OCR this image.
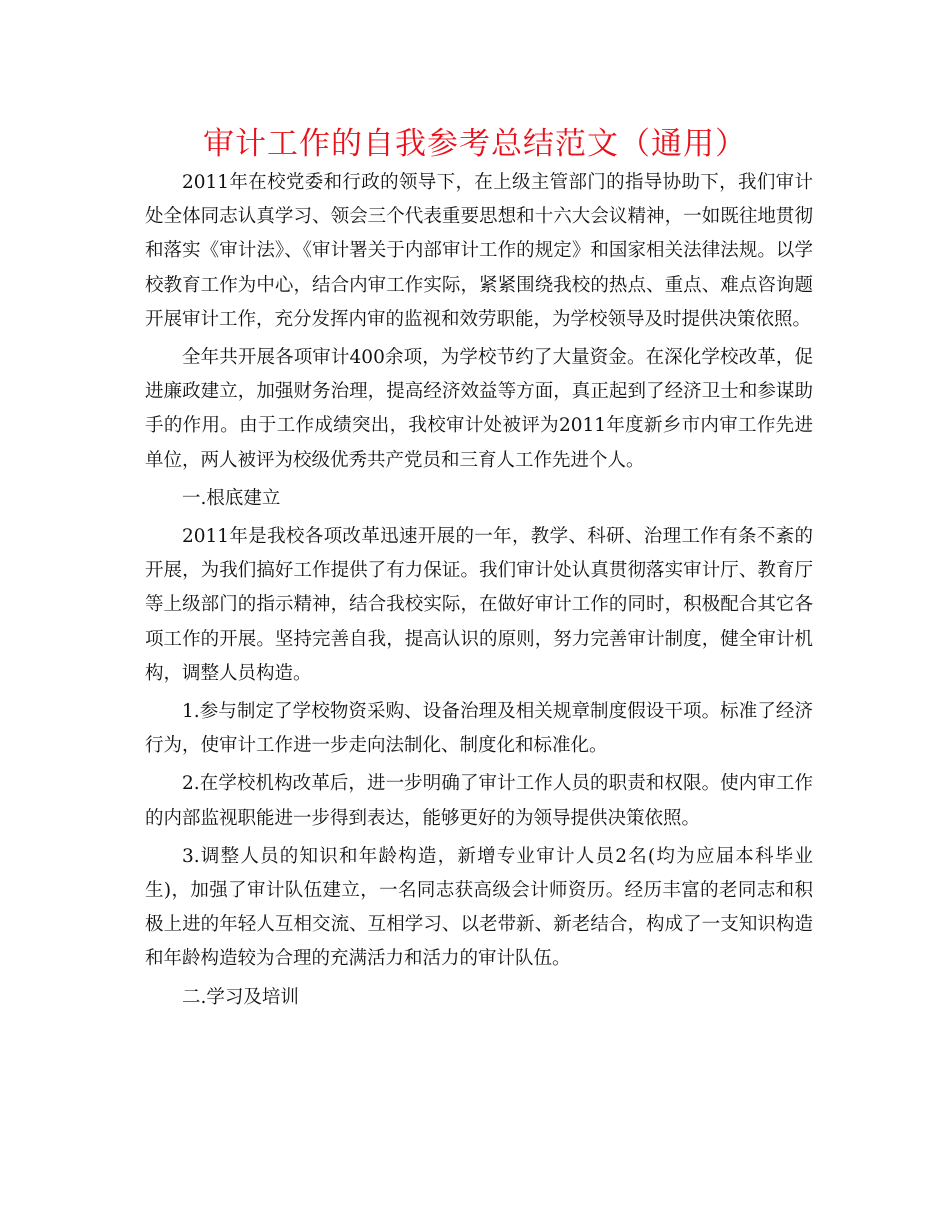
审计工作的自我参考总结范文（通用）

2011年在校党委和行政的领导下，在上级主管部门的指导协助下，我们审计处全体同志认真学习、领会三个代表重要思想和十六大会议精神，一如既往地贯彻和落实《审计法》、《审计署关于内部审计工作的规定》和国家相关法律法规。以学校教育工作为中心，结合内审工作实际，紧紧围绕我校的热点、重点、难点咨询题开展审计工作，充分发挥内审的监视和效劳职能，为学校领导及时提供决策依照。

全年共开展各项审计400余项，为学校节约了大量资金。在深化学校改革，促进廉政建立，加强财务治理，提高经济效益等方面，真正起到了经济卫士和参谋助手的作用。由于工作成绩突出，我校审计处被评为2011年度新乡市内审工作先进单位，两人被评为校级优秀共产党员和三育人工作先进个人。

一.根底建立

2011年是我校各项改革迅速开展的一年，教学、科研、治理工作有条不紊的开展，为我们搞好工作提供了有力保证。我们审计处认真贯彻落实审计厅、教育厅等上级部门的指示精神，结合我校实际，在做好审计工作的同时，积极配合其它各项工作的开展。坚持完善自我，提高认识的原则，努力完善审计制度，健全审计机构，调整人员构造。

1.参与制定了学校物资采购、设备治理及相关规章制度假设干项。标准了经济行为，使审计工作进一步走向法制化、制度化和标准化。

2.在学校机构改革后，进一步明确了审计工作人员的职责和权限。使内审工作的内部监视职能进一步得到表达，能够更好的为领导提供决策依照。

3.调整人员的知识和年龄构造，新增专业审计人员2名(均为应届本科毕业生)，加强了审计队伍建立，一名同志获高级会计师资历。经历丰富的老同志和积极上进的年轻人互相交流、互相学习、以老带新、新老结合，构成了一支知识构造和年龄构造较为合理的充满活力和活力的审计队伍。

二.学习及培训
